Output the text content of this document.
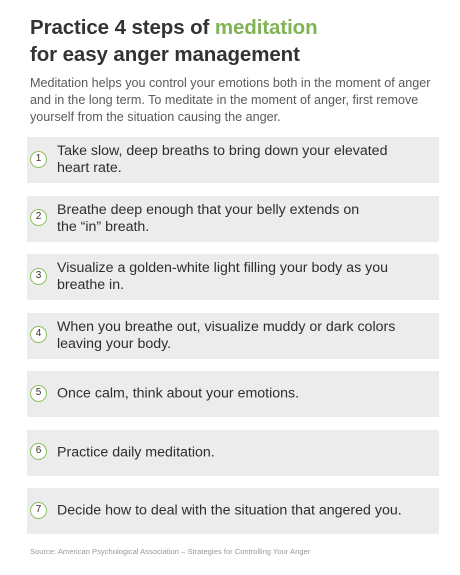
Practice 4 steps of meditation
for easy anger management

Meditation helps you control your emotions both in the moment of anger and in the long term. To meditate in the moment of anger, first remove yourself from the situation causing the anger.

1	Take slow, deep breaths to bring down your elevated
heart rate.
2	Breathe deep enough that your belly extends on
the “in” breath.
3	Visualize a golden-white light filling your body as you
breathe in.
4	When you breathe out, visualize muddy or dark colors
leaving your body.
5	Once calm, think about your emotions.
6	Practice daily meditation.
7	Decide how to deal with the situation that angered you.

Source: American Psychological Association – Strategies for Controlling Your Anger
